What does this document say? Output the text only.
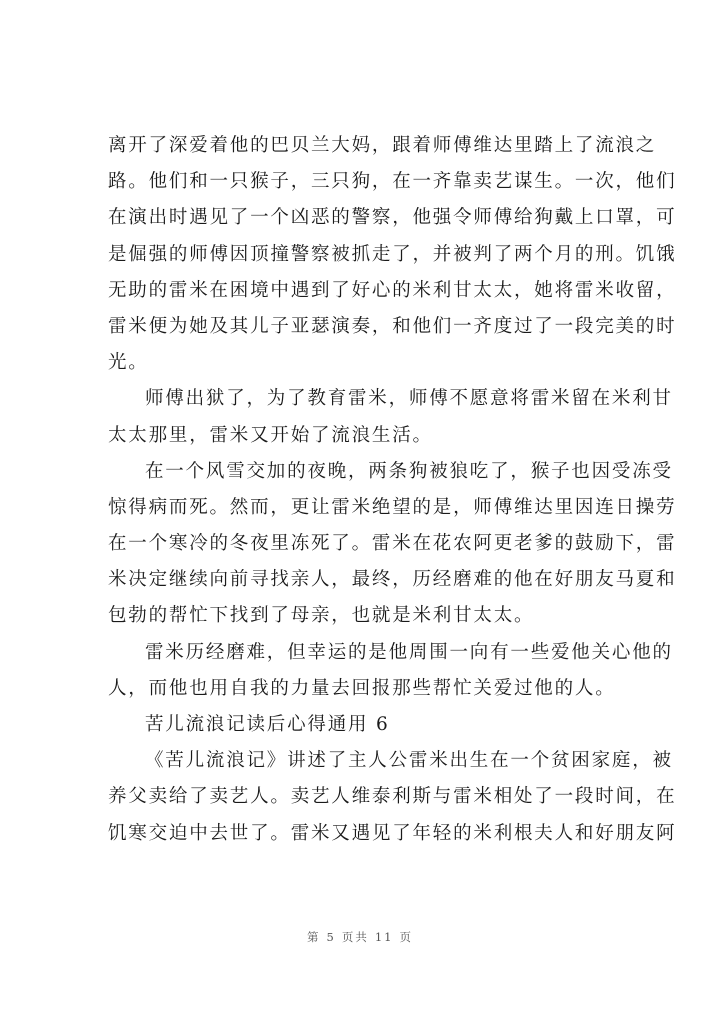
离开了深爱着他的巴贝兰大妈，跟着师傅维达里踏上了流浪之
路。他们和一只猴子，三只狗，在一齐靠卖艺谋生。一次，他们
在演出时遇见了一个凶恶的警察，他强令师傅给狗戴上口罩，可
是倔强的师傅因顶撞警察被抓走了，并被判了两个月的刑。饥饿
无助的雷米在困境中遇到了好心的米利甘太太，她将雷米收留，
雷米便为她及其儿子亚瑟演奏，和他们一齐度过了一段完美的时
光。
师傅出狱了，为了教育雷米，师傅不愿意将雷米留在米利甘
太太那里，雷米又开始了流浪生活。
在一个风雪交加的夜晚，两条狗被狼吃了，猴子也因受冻受
惊得病而死。然而，更让雷米绝望的是，师傅维达里因连日操劳
在一个寒冷的冬夜里冻死了。雷米在花农阿更老爹的鼓励下，雷
米决定继续向前寻找亲人，最终，历经磨难的他在好朋友马夏和
包勃的帮忙下找到了母亲，也就是米利甘太太。
雷米历经磨难，但幸运的是他周围一向有一些爱他关心他的
人，而他也用自我的力量去回报那些帮忙关爱过他的人。
苦儿流浪记读后心得通用 6
《苦儿流浪记》讲述了主人公雷米出生在一个贫困家庭，被
养父卖给了卖艺人。卖艺人维泰利斯与雷米相处了一段时间，在
饥寒交迫中去世了。雷米又遇见了年轻的米利根夫人和好朋友阿
第 5 页共 11 页
